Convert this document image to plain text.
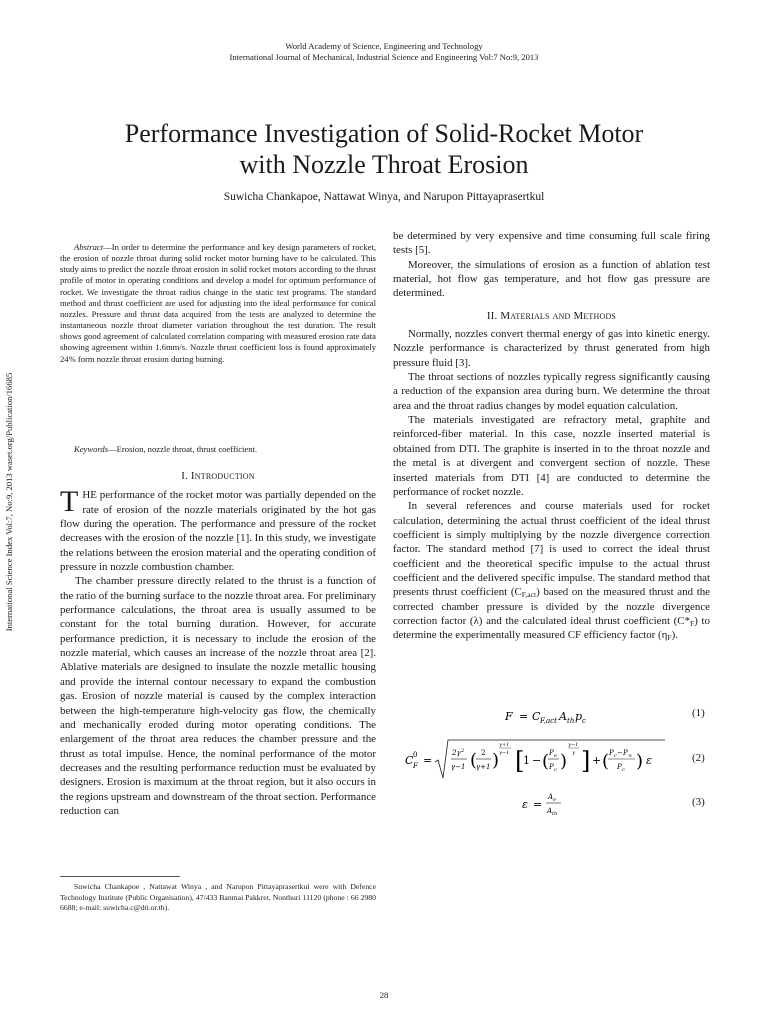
World Academy of Science, Engineering and Technology
International Journal of Mechanical, Industrial Science and Engineering Vol:7 No:9, 2013
Performance Investigation of Solid-Rocket Motor
with Nozzle Throat Erosion
Suwicha Chankapoe, Nattawat Winya, and Narupon Pittayaprasertkul
International Science Index Vol:7, No:9, 2013 waset.org/Publication/16685

Abstract—In order to determine the performance and key design parameters of rocket, the erosion of nozzle throat during solid rocket motor burning have to be calculated. This study aims to predict the nozzle throat erosion in solid rocket motors according to the thrust profile of motor in operating conditions and develop a model for optimum performance of rocket. We investigate the throat radius change in the static test programs. The standard method and thrust coefficient are used for adjusting into the ideal performance for conical nozzles. Pressure and thrust data acquired from the tests are analyzed to determine the instantaneous nozzle throat diameter variation throughout the test duration. The result shows good agreement of calculated correlation comparing with measured erosion rate data showing agreement within 1.6mm/s. Nozzle thrust coefficient loss is found approximately 24% form nozzle throat erosion during burning.

Keywords—Erosion, nozzle throat, thrust coefficient.
I. Introduction

THE performance of the rocket motor was partially depended on the rate of erosion of the nozzle materials originated by the hot gas flow during the operation. The performance and pressure of the rocket decreases with the erosion of the nozzle [1]. In this study, we investigate the relations between the erosion material and the operating condition of pressure in nozzle combustion chamber.

The chamber pressure directly related to the thrust is a function of the ratio of the burning surface to the nozzle throat area. For preliminary performance calculations, the throat area is usually assumed to be constant for the total burning duration. However, for accurate performance prediction, it is necessary to include the erosion of the nozzle material, which causes an increase of the nozzle throat area [2]. Ablative materials are designed to insulate the nozzle metallic housing and provide the internal contour necessary to expand the combustion gas. Erosion of nozzle material is caused by the complex interaction between the high-temperature high-velocity gas flow, the chemically and mechanically eroded during motor operating conditions. The enlargement of the throat area reduces the chamber pressure and the thrust as total impulse. Hence, the nominal performance of the motor decreases and the resulting performance reduction must be evaluated by designers. Erosion is maximum at the throat region, but it also occurs in the regions upstream and downstream of the throat section. Performance reduction can

be determined by very expensive and time consuming full scale firing tests [5].

Moreover, the simulations of erosion as a function of ablation test material, hot flow gas temperature, and hot flow gas pressure are determined.

II. Materials and Methods

Normally, nozzles convert thermal energy of gas into kinetic energy. Nozzle performance is characterized by thrust generated from high pressure fluid [3].

The throat sections of nozzles typically regress significantly causing a reduction of the expansion area during burn. We determine the throat area and the throat radius changes by model equation calculation.

The materials investigated are refractory metal, graphite and reinforced-fiber material. In this case, nozzle inserted material is obtained from DTI. The graphite is inserted in to the throat nozzle and the metal is at divergent and convergent section of nozzle. These inserted materials from DTI [4] are conducted to determine the performance of rocket nozzle.

In several references and course materials used for rocket calculation, determining the actual thrust coefficient of the ideal thrust coefficient is simply multiplying by the nozzle divergence correction factor. The standard method [7] is used to correct the ideal thrust coefficient and the theoretical specific impulse to the actual thrust coefficient and the delivered specific impulse. The standard method that presents thrust coefficient $(C_{F,act})$ based on the measured thrust and the corrected chamber pressure is divided by the nozzle divergence correction factor (λ) and the calculated ideal thrust coefficient $(C*_F)$ to determine the experimentally measured CF efficiency factor $(\eta_F)$.

F = C F,act A th p c
(1)
C 0
F =
2γ 2
γ−1 ( 2
γ+1 )
γ+1
γ−1 [
1 − ( P e
P c )
γ−1
γ ] + ( P c − P ∞
P c ) ε	(2)
ε =
A e
A th
(3)

Suwicha Chankapoe , Nattawat Winya , and Narupon Pittayaprasertkul were with Defence Technology Institute (Public Organisation), 47/433 Banmai Pakkret, Nonthuri 11120 (phone : 66 2980 6688; e-mail: suwicha.c@dti.or.th).

28
